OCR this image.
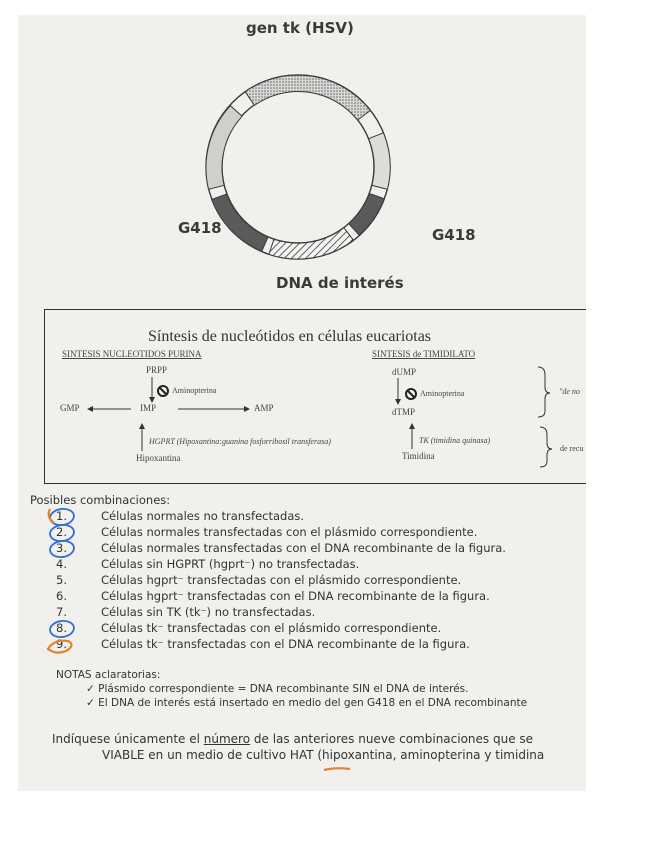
gen tk (HSV)
G418	G418
DNA de interés
Síntesis de nucleótidos en células eucariotas
SINTESIS NUCLEOTIDOS PURINA	SINTESIS de TIMIDILATO
PRPP
Aminopterina
GMP	IMP	AMP
HGPRT (Hipoxantina:guanina fosforribosil transferasa)
Hipoxantina
dUMP
Aminopterina
dTMP
TK (timidina quinasa)
Timidina
"de no
de recu
Posibles combinaciones:
1.	Células normales no transfectadas.
2.	Células normales transfectadas con el plásmido correspondiente.
3.	Células normales transfectadas con el DNA recombinante de la figura.
4.	Células sin HGPRT (hgprt⁻) no transfectadas.
5.	Células hgprt⁻ transfectadas con el plásmido correspondiente.
6.	Células hgprt⁻ transfectadas con el DNA recombinante de la figura.
7.	Células sin TK (tk⁻) no transfectadas.
8.	Células tk⁻ transfectadas con el plásmido correspondiente.
9.	Células tk⁻ transfectadas con el DNA recombinante de la figura.
NOTAS aclaratorias:
✓ Plásmido correspondiente = DNA recombinante SIN el DNA de interés.
✓ El DNA de interés está insertado en medio del gen G418 en el DNA recombinante
Indíquese únicamente el número de las anteriores nueve combinaciones que se
VIABLE en un medio de cultivo HAT (hipoxantina, aminopterina y timidina
